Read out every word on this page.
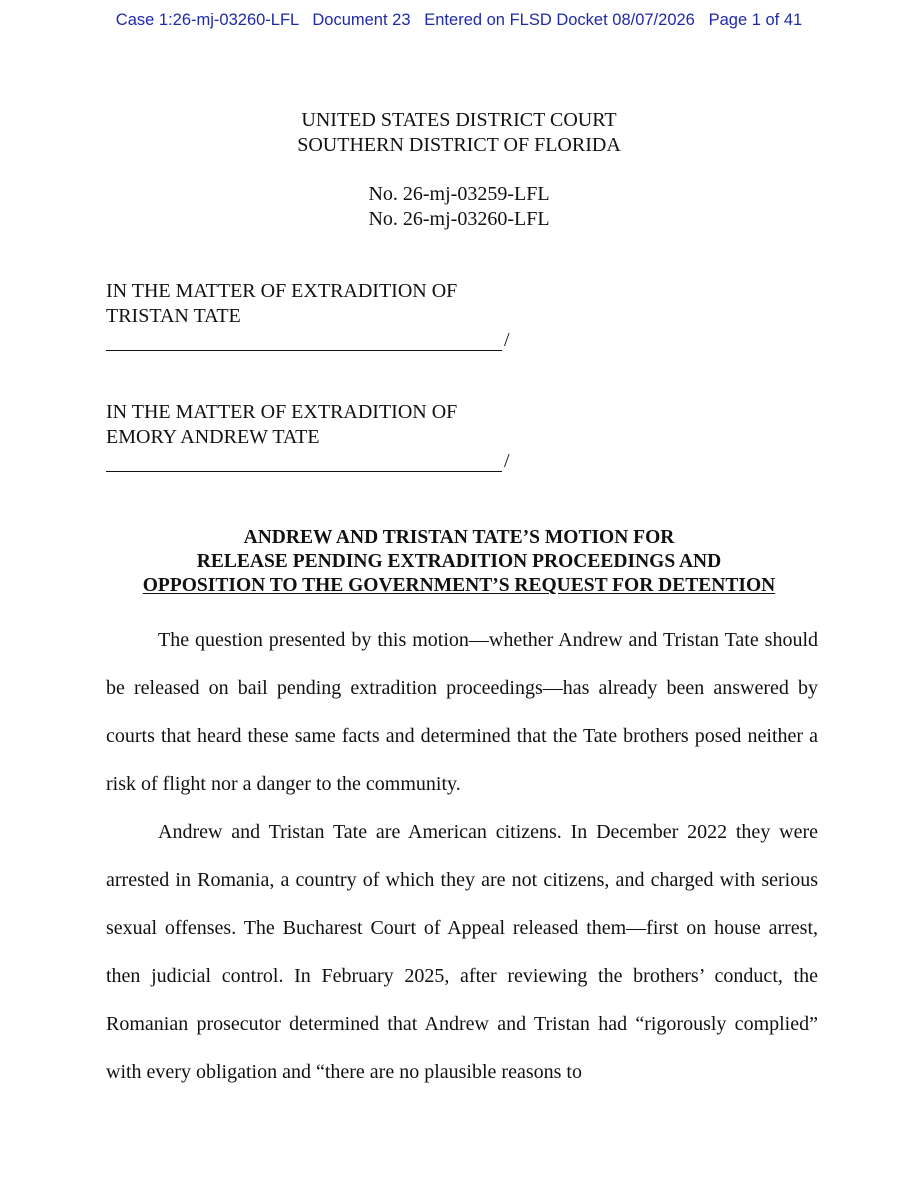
Case 1:26-mj-03260-LFL   Document 23   Entered on FLSD Docket 08/07/2026   Page 1 of 41
UNITED STATES DISTRICT COURT
SOUTHERN DISTRICT OF FLORIDA
No. 26-mj-03259-LFL
No. 26-mj-03260-LFL
IN THE MATTER OF EXTRADITION OF
TRISTAN TATE
/
IN THE MATTER OF EXTRADITION OF
EMORY ANDREW TATE
/
ANDREW AND TRISTAN TATE’S MOTION FOR
RELEASE PENDING EXTRADITION PROCEEDINGS AND
OPPOSITION TO THE GOVERNMENT’S REQUEST FOR DETENTION

The question presented by this motion—whether Andrew and Tristan Tate should be released on bail pending extradition proceedings—has already been answered by courts that heard these same facts and determined that the Tate brothers posed neither a risk of flight nor a danger to the community.

Andrew and Tristan Tate are American citizens. In December 2022 they were arrested in Romania, a country of which they are not citizens, and charged with serious sexual offenses. The Bucharest Court of Appeal released them—first on house arrest, then judicial control. In February 2025, after reviewing the brothers’ conduct, the Romanian prosecutor determined that Andrew and Tristan had “rigorously complied” with every obligation and “there are no plausible reasons to
